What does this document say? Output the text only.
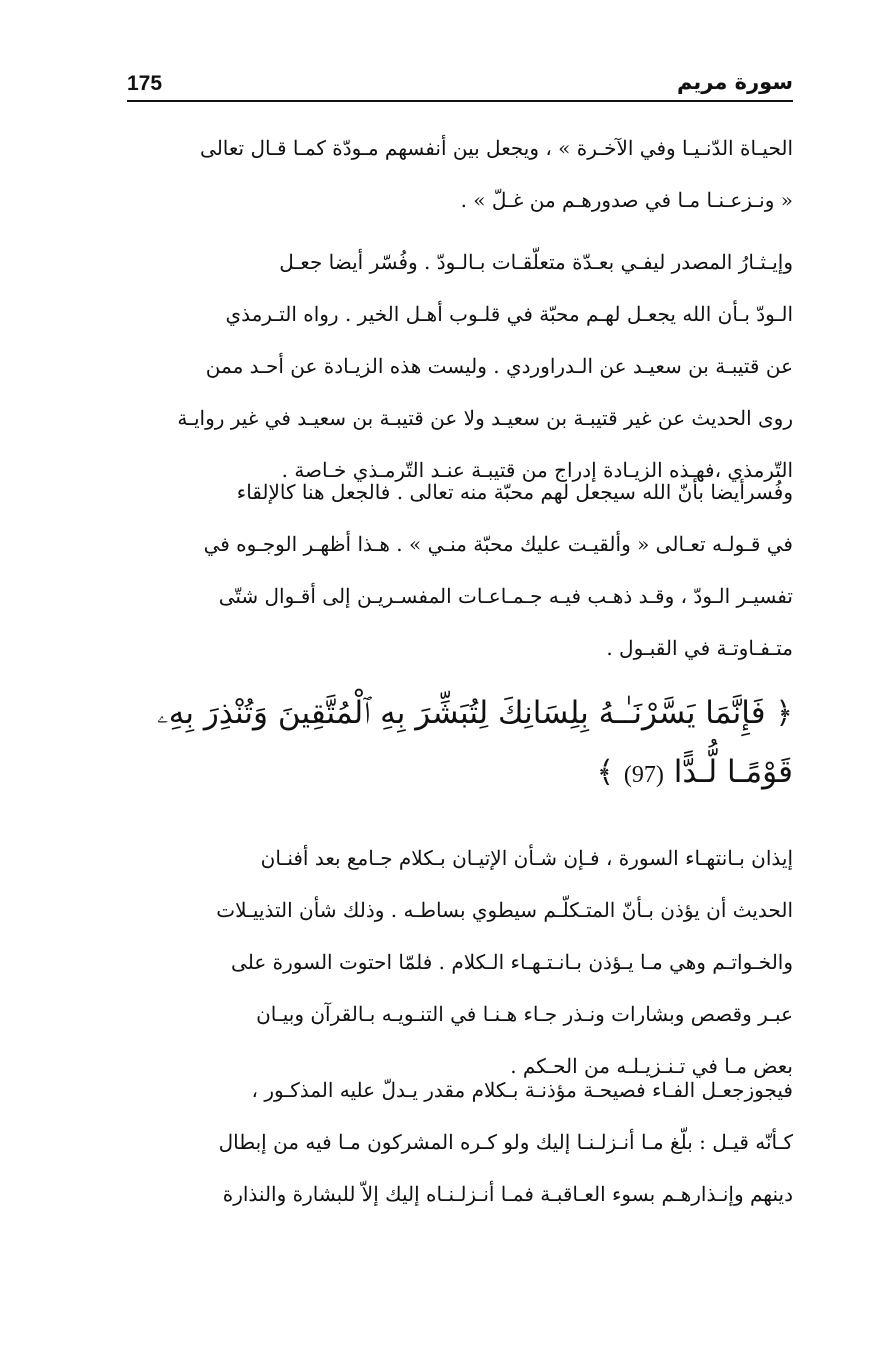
175	سورة مريم

الحيـاة الدّنـيـا وفي الآخـرة » ، ويجعل بين أنفسهم مـودّة كمـا قـال تعالى
« ونـزعـنـا مـا في صدورهـم من غـلّ » .

وإيـثـارُ المصدر ليفـي بعـدّة متعلّقـات بـالـودّ . وفُسّر أيضا جعـل
الـودّ بـأن الله يجعـل لهـم محبّة في قلـوب أهـل الخير . رواه التـرمذي
عن قتيبـة بن سعيـد عن الـدراوردي . وليست هذه الزيـادة عن أحـد ممن
روى الحديث عن غير قتيبـة بن سعيـد ولا عن قتيبـة بن سعيـد في غير روايـة
التّرمذي ،فهـذه الزيـادة إدراج من قتيبـة عنـد التّرمـذي خـاصة .

وفُسرأيضا بأنّ الله سيجعل لهم محبّة منه تعالى . فالجعل هنا كالإلقاء
في قـولـه تعـالى « وألقيـت عليك محبّة منـي » . هـذا أظهـر الوجـوه في
تفسيـر الـودّ ، وقـد ذهـب فيـه جـمـاعـات المفسـريـن إلى أقـوال شتّى
متـفـاوتـة في القبـول .

﴿ فَإِنَّمَا يَسَّرْنَـٰـهُ بِلِسَانِكَ لِتُبَشِّرَ بِهِ ٱلْمُتَّقِينَ وَتُنْذِرَ بِهِۦ قَوْمًـا لُّـدًّا (97) ﴾

إيذان بـانتهـاء السورة ، فـإن شـأن الإتيـان بـكلام جـامع بعد أفنـان
الحديث أن يؤذن بـأنّ المتـكلّـم سيطوي بساطـه . وذلك شأن التذييـلات
والخـواتـم وهي مـا يـؤذن بـانـتـهـاء الـكلام . فلمّا احتوت السورة على
عبـر وقصص وبشارات ونـذر جـاء هـنـا في التنـويـه بـالقرآن وبيـان
بعض مـا في تـنـزيـلـه من الحـكم .

فيجوزجعـل الفـاء فصيحـة مؤذنـة بـكلام مقدر يـدلّ عليه المذكـور ،
كـأنّه قيـل : بلّغ مـا أنـزلـنـا إليك ولو كـره المشركون مـا فيه من إبطال
دينهم وإنـذارهـم بسوء العـاقبـة فمـا أنـزلـنـاه إليك إلاّ للبشارة والنذارة
